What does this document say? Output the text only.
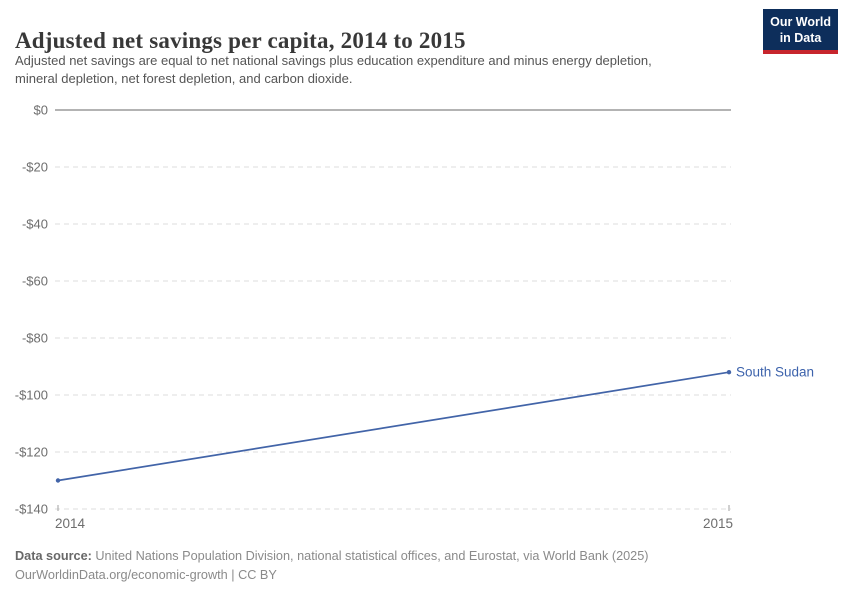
Adjusted net savings per capita, 2014 to 2015
Adjusted net savings are equal to net national savings plus education expenditure and minus energy depletion,
mineral depletion, net forest depletion, and carbon dioxide.
Our World
in Data
$0
-$20
-$40
-$60
-$80
-$100
-$120
-$140
2014	2015
South Sudan
Data source: United Nations Population Division, national statistical offices, and Eurostat, via World Bank (2025)
OurWorldinData.org/economic-growth | CC BY
